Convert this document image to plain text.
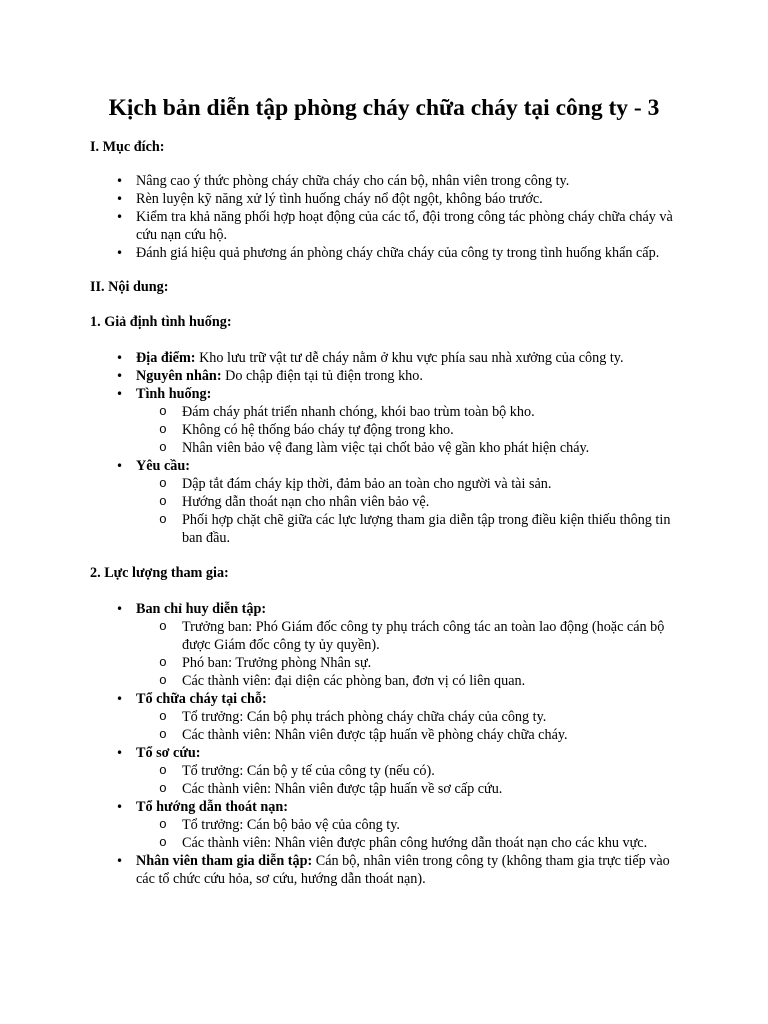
Kịch bản diễn tập phòng cháy chữa cháy tại công ty - 3

I. Mục đích:

• Nâng cao ý thức phòng cháy chữa cháy cho cán bộ, nhân viên trong công ty.
• Rèn luyện kỹ năng xử lý tình huống cháy nổ đột ngột, không báo trước.
• Kiểm tra khả năng phối hợp hoạt động của các tổ, đội trong công tác phòng cháy chữa cháy và cứu nạn cứu hộ.
• Đánh giá hiệu quả phương án phòng cháy chữa cháy của công ty trong tình huống khẩn cấp.

II. Nội dung:

1. Giả định tình huống:

• Địa điểm: Kho lưu trữ vật tư dễ cháy nằm ở khu vực phía sau nhà xưởng của công ty.
• Nguyên nhân: Do chập điện tại tủ điện trong kho.
• Tình huống:
o Đám cháy phát triển nhanh chóng, khói bao trùm toàn bộ kho.
o Không có hệ thống báo cháy tự động trong kho.
o Nhân viên bảo vệ đang làm việc tại chốt bảo vệ gần kho phát hiện cháy.
• Yêu cầu:
o Dập tắt đám cháy kịp thời, đảm bảo an toàn cho người và tài sản.
o Hướng dẫn thoát nạn cho nhân viên bảo vệ.
o Phối hợp chặt chẽ giữa các lực lượng tham gia diễn tập trong điều kiện thiếu thông tin ban đầu.

2. Lực lượng tham gia:

• Ban chỉ huy diễn tập:
o Trưởng ban: Phó Giám đốc công ty phụ trách công tác an toàn lao động (hoặc cán bộ được Giám đốc công ty ủy quyền).
o Phó ban: Trưởng phòng Nhân sự.
o Các thành viên: đại diện các phòng ban, đơn vị có liên quan.
• Tổ chữa cháy tại chỗ:
o Tổ trưởng: Cán bộ phụ trách phòng cháy chữa cháy của công ty.
o Các thành viên: Nhân viên được tập huấn về phòng cháy chữa cháy.
• Tổ sơ cứu:
o Tổ trưởng: Cán bộ y tế của công ty (nếu có).
o Các thành viên: Nhân viên được tập huấn về sơ cấp cứu.
• Tổ hướng dẫn thoát nạn:
o Tổ trưởng: Cán bộ bảo vệ của công ty.
o Các thành viên: Nhân viên được phân công hướng dẫn thoát nạn cho các khu vực.
• Nhân viên tham gia diễn tập: Cán bộ, nhân viên trong công ty (không tham gia trực tiếp vào các tổ chức cứu hỏa, sơ cứu, hướng dẫn thoát nạn).
